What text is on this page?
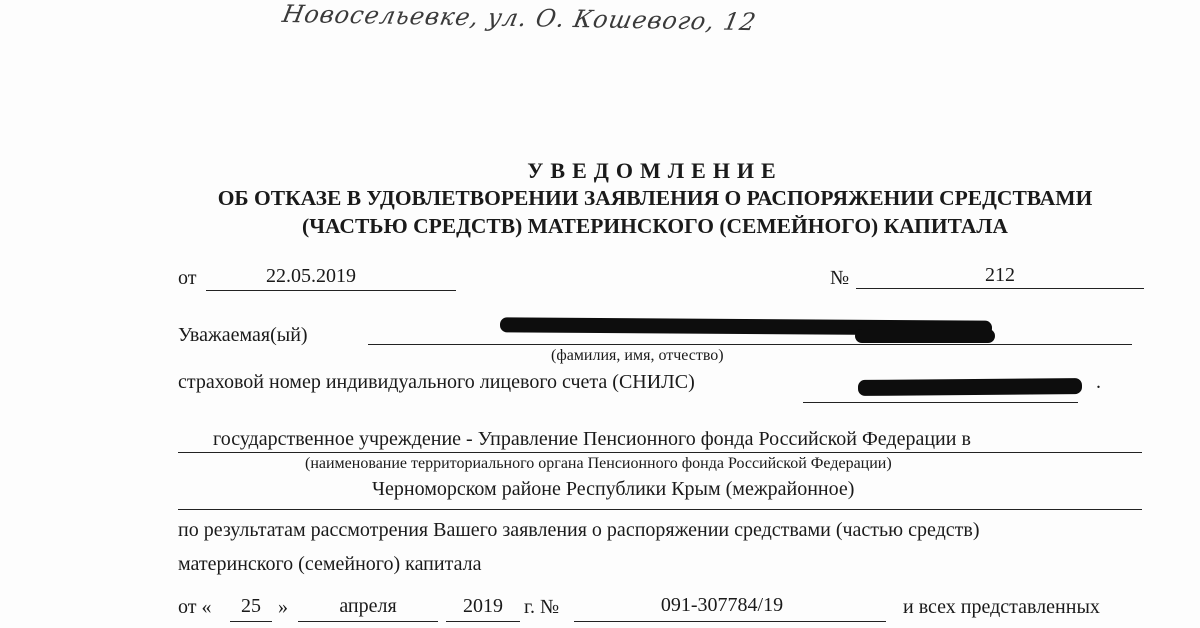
Новосельевке, ул. О. Кошевого, 12
УВЕДОМЛЕНИЕ
ОБ ОТКАЗЕ В УДОВЛЕТВОРЕНИИ ЗАЯВЛЕНИЯ О РАСПОРЯЖЕНИИ СРЕДСТВАМИ
(ЧАСТЬЮ СРЕДСТВ) МАТЕРИНСКОГО (СЕМЕЙНОГО) КАПИТАЛА
от	22.05.2019	№	212
Уважаемая(ый)
(фамилия, имя, отчество)
страховой номер индивидуального лицевого счета (СНИЛС)	.
государственное учреждение - Управление Пенсионного фонда Российской Федерации в
(наименование территориального органа Пенсионного фонда Российской Федерации)
Черноморском районе Республики Крым (межрайонное)
по результатам рассмотрения Вашего заявления о распоряжении средствами (частью средств)
материнского (семейного) капитала
от «	25 »	апреля	2019	г. №	091-307784/19	и всех представленных
